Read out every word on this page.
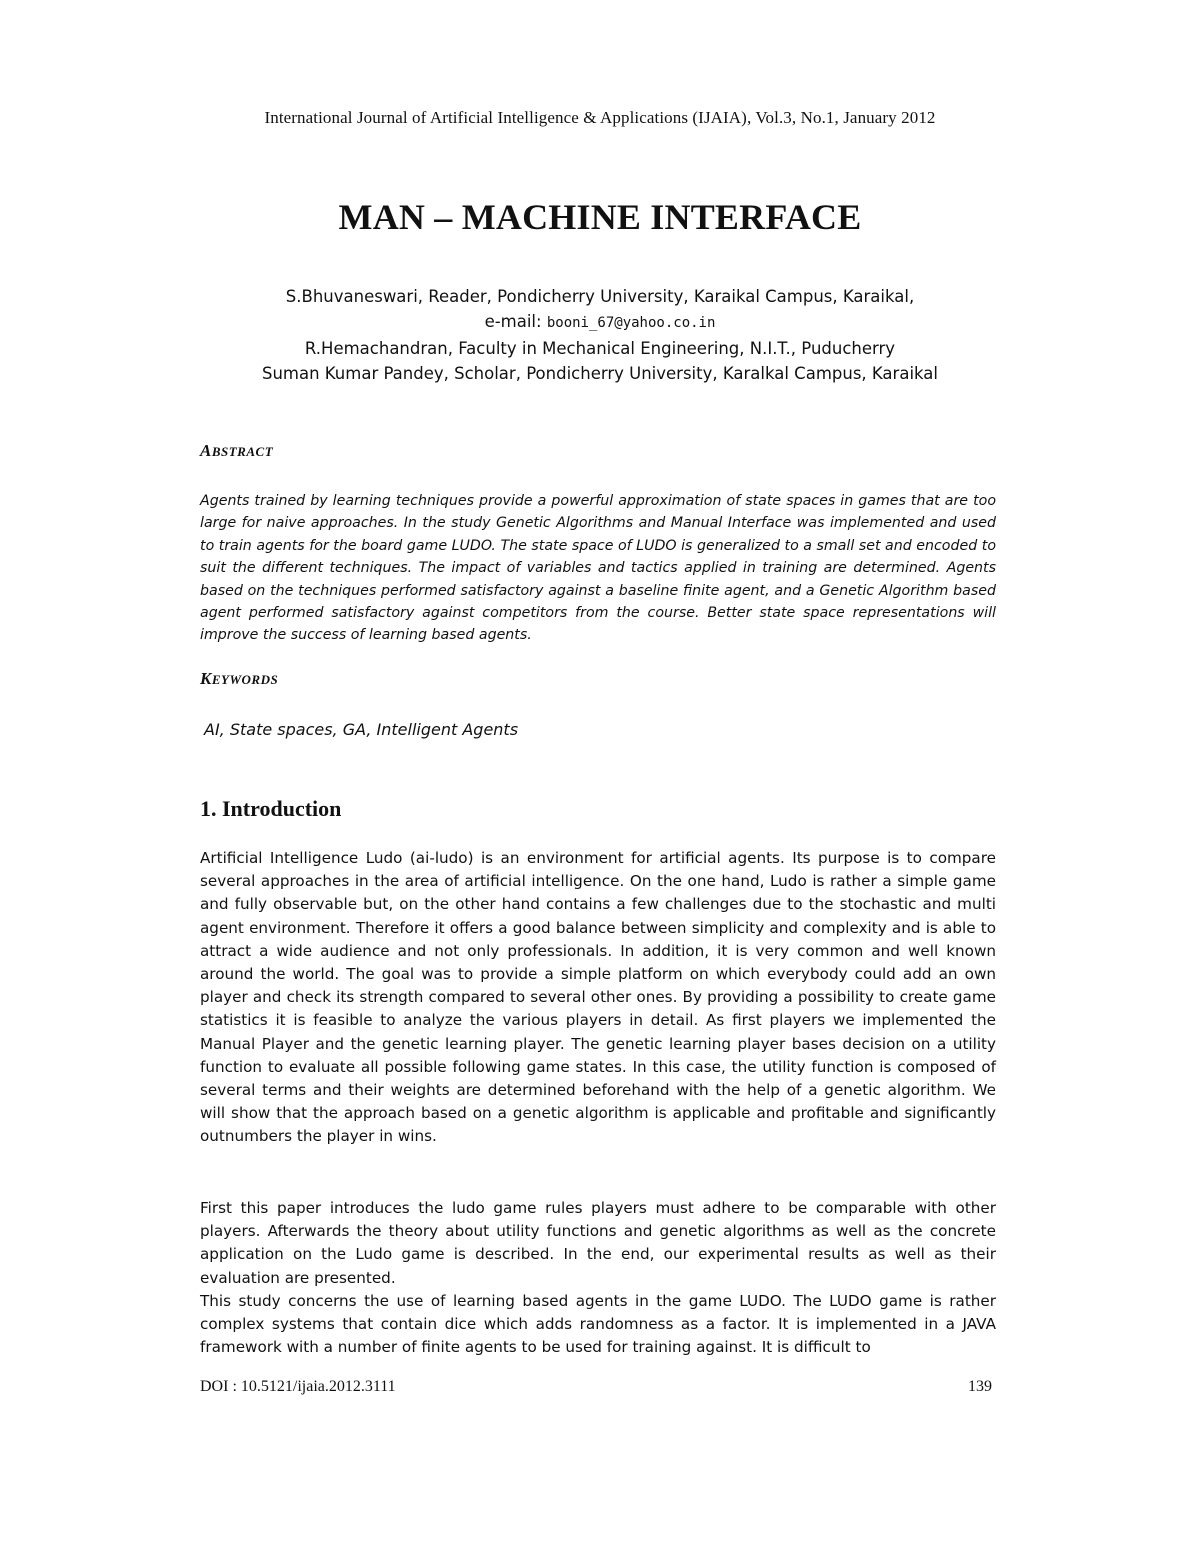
International Journal of Artificial Intelligence & Applications (IJAIA), Vol.3, No.1, January 2012
MAN – MACHINE INTERFACE
S.Bhuvaneswari, Reader, Pondicherry University, Karaikal Campus, Karaikal,
e-mail: booni_67@yahoo.co.in
R.Hemachandran, Faculty in Mechanical Engineering, N.I.T., Puducherry
Suman Kumar Pandey, Scholar, Pondicherry University, Karalkal Campus, Karaikal
ABSTRACT
Agents trained by learning techniques provide a powerful approximation of state spaces in games that are too large for naive approaches. In the study Genetic Algorithms and Manual Interface was implemented and used to train agents for the board game LUDO. The state space of LUDO is generalized to a small set and encoded to suit the different techniques. The impact of variables and tactics applied in training are determined. Agents based on the techniques performed satisfactory against a baseline finite agent, and a Genetic Algorithm based agent performed satisfactory against competitors from the course. Better state space representations will improve the success of learning based agents.
KEYWORDS
AI, State spaces, GA, Intelligent Agents
1. Introduction

Artificial Intelligence Ludo (ai-ludo) is an environment for artificial agents. Its purpose is to compare several approaches in the area of artificial intelligence. On the one hand, Ludo is rather a simple game and fully observable but, on the other hand contains a few challenges due to the stochastic and multi agent environment. Therefore it offers a good balance between simplicity and complexity and is able to attract a wide audience and not only professionals. In addition, it is very common and well known around the world. The goal was to provide a simple platform on which everybody could add an own player and check its strength compared to several other ones. By providing a possibility to create game statistics it is feasible to analyze the various players in detail. As first players we implemented the Manual Player and the genetic learning player. The genetic learning player bases decision on a utility function to evaluate all possible following game states. In this case, the utility function is composed of several terms and their weights are determined beforehand with the help of a genetic algorithm. We will show that the approach based on a genetic algorithm is applicable and profitable and significantly outnumbers the player in wins.

First this paper introduces the ludo game rules players must adhere to be comparable with other players. Afterwards the theory about utility functions and genetic algorithms as well as the concrete application on the Ludo game is described. In the end, our experimental results as well as their evaluation are presented.

This study concerns the use of learning based agents in the game LUDO. The LUDO game is rather complex systems that contain dice which adds randomness as a factor. It is implemented in a JAVA framework with a number of finite agents to be used for training against. It is difficult to

DOI : 10.5121/ijaia.2012.3111	139
